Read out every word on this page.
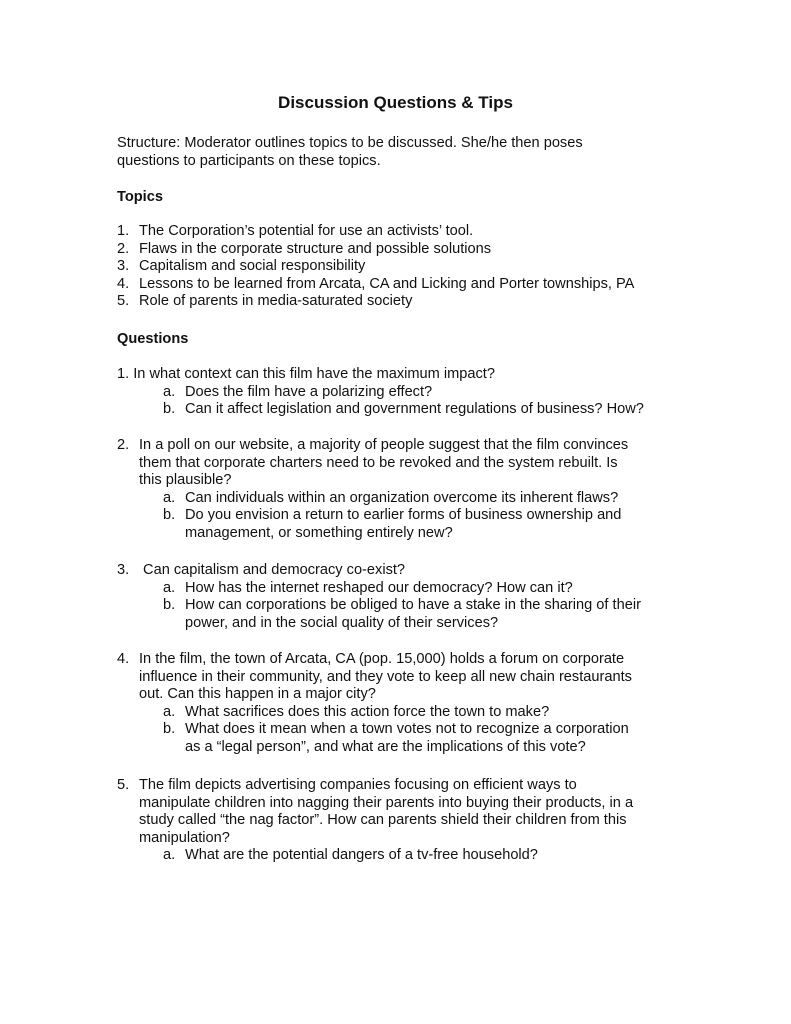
Discussion Questions & Tips
Structure: Moderator outlines topics to be discussed. She/he then poses
questions to participants on these topics.
Topics
1. The Corporation’s potential for use an activists’ tool.
2. Flaws in the corporate structure and possible solutions
3. Capitalism and social responsibility
4. Lessons to be learned from Arcata, CA and Licking and Porter townships, PA
5. Role of parents in media-saturated society
Questions
1. In what context can this film have the maximum impact?
a. Does the film have a polarizing effect?
b. Can it affect legislation and government regulations of business? How?
2. In a poll on our website, a majority of people suggest that the film convinces
them that corporate charters need to be revoked and the system rebuilt. Is
this plausible?
a. Can individuals within an organization overcome its inherent flaws?
b. Do you envision a return to earlier forms of business ownership and
management, or something entirely new?
3. Can capitalism and democracy co-exist?
a. How has the internet reshaped our democracy? How can it?
b. How can corporations be obliged to have a stake in the sharing of their
power, and in the social quality of their services?
4. In the film, the town of Arcata, CA (pop. 15,000) holds a forum on corporate
influence in their community, and they vote to keep all new chain restaurants
out. Can this happen in a major city?
a. What sacrifices does this action force the town to make?
b. What does it mean when a town votes not to recognize a corporation
as a “legal person”, and what are the implications of this vote?
5. The film depicts advertising companies focusing on efficient ways to
manipulate children into nagging their parents into buying their products, in a
study called “the nag factor”. How can parents shield their children from this
manipulation?
a. What are the potential dangers of a tv-free household?
